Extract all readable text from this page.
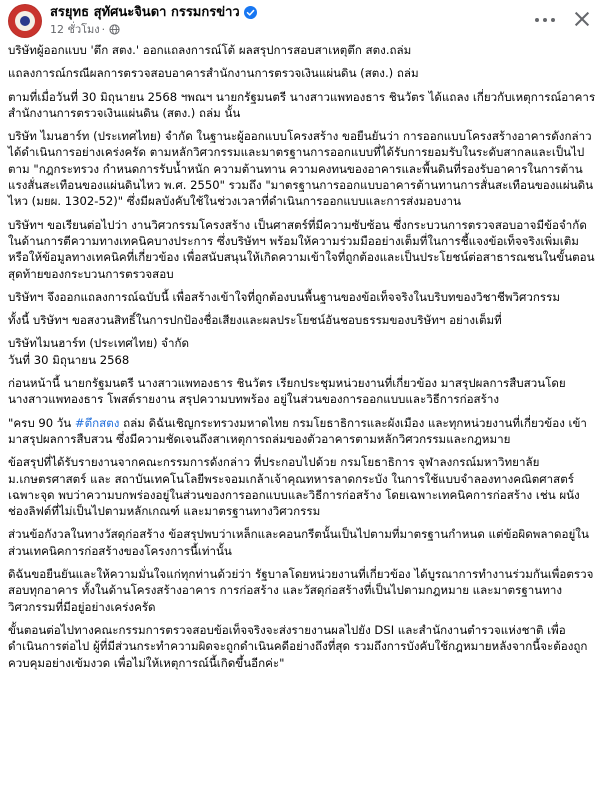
สรยุทธ สุทัศนะจินดา กรรมกรข่าว
12 ชั่วโมง ·

บริษัทผู้ออกแบบ 'ตึก สตง.' ออกแถลงการณ์โต้ ผลสรุปการสอบสาเหตุตึก สตง.ถล่ม

แถลงการณ์กรณีผลการตรวจสอบอาคารสำนักงานการตรวจเงินแผ่นดิน (สตง.) ถล่ม

ตามที่เมื่อวันที่ 30 มิถุนายน 2568 ฯพณฯ นายกรัฐมนตรี นางสาวแพทองธาร ชินวัตร ได้แถลง เกี่ยวกับเหตุการณ์อาคารสำนักงานการตรวจเงินแผ่นดิน (สตง.) ถล่ม นั้น

บริษัท ไมนฮาร์ท (ประเทศไทย) จำกัด ในฐานะผู้ออกแบบโครงสร้าง ขอยืนยันว่า การออกแบบโครงสร้างอาคารดังกล่าว ได้ดำเนินการอย่างเคร่งครัด ตามหลักวิศวกรรมและมาตรฐานการออกแบบที่ได้รับการยอมรับในระดับสากลและเป็นไปตาม "กฎกระทรวง กำหนดการรับน้ำหนัก ความต้านทาน ความคงทนของอาคารและพื้นดินที่รองรับอาคารในการต้านแรงสั่นสะเทือนของแผ่นดินไหว พ.ศ. 2550" รวมถึง "มาตรฐานการออกแบบอาคารต้านทานการสั่นสะเทือนของแผ่นดินไหว (มยผ. 1302-52)" ซึ่งมีผลบังคับใช้ในช่วงเวลาที่ดำเนินการออกแบบและการส่งมอบงาน

บริษัทฯ ขอเรียนต่อไปว่า งานวิศวกรรมโครงสร้าง เป็นศาสตร์ที่มีความซับซ้อน ซึ่งกระบวนการตรวจสอบอาจมีข้อจำกัดในด้านการตีความทางเทคนิคบางประการ ซึ่งบริษัทฯ พร้อมให้ความร่วมมืออย่างเต็มที่ในการชี้แจงข้อเท็จจริงเพิ่มเติมหรือให้ข้อมูลทางเทคนิคที่เกี่ยวข้อง เพื่อสนับสนุนให้เกิดความเข้าใจที่ถูกต้องและเป็นประโยชน์ต่อสาธารณชนในขั้นตอนสุดท้ายของกระบวนการตรวจสอบ

บริษัทฯ จึงออกแถลงการณ์ฉบับนี้ เพื่อสร้างเข้าใจที่ถูกต้องบนพื้นฐานของข้อเท็จจริงในบริบทของวิชาชีพวิศวกรรม

ทั้งนี้ บริษัทฯ ขอสงวนสิทธิ์ในการปกป้องชื่อเสียงและผลประโยชน์อันชอบธรรมของบริษัทฯ อย่างเต็มที่

บริษัทไมนฮาร์ท (ประเทศไทย) จำกัด
วันที่ 30 มิถุนายน 2568

ก่อนหน้านี้ นายกรัฐมนตรี นางสาวแพทองธาร ชินวัตร เรียกประชุมหน่วยงานที่เกี่ยวข้อง มาสรุปผลการสืบสวนโดยนางสาวแพทองธาร โพสต์รายงาน สรุปความบทพร้อง อยู่ในส่วนของการออกแบบและวิธีการก่อสร้าง

"ครบ 90 วัน #ตึกสตง ถล่ม ดิฉันเชิญกระทรวงมหาดไทย กรมโยธาธิการและผังเมือง และทุกหน่วยงานที่เกี่ยวข้อง เข้ามาสรุปผลการสืบสวน ซึ่งมีความชัดเจนถึงสาเหตุการถล่มของตัวอาคารตามหลักวิศวกรรมและกฎหมาย

ข้อสรุปที่ได้รับรายงานจากคณะกรรมการดังกล่าว ที่ประกอบไปด้วย กรมโยธาธิการ จุฬาลงกรณ์มหาวิทยาลัย ม.เกษตรศาสตร์ และ สถาบันเทคโนโลยีพระจอมเกล้าเจ้าคุณทหารลาดกระบัง ในการใช้แบบจำลองทางคณิตศาสตร์เฉพาะจุด พบว่าความบกพร่องอยู่ในส่วนของการออกแบบและวิธีการก่อสร้าง โดยเฉพาะเทคนิคการก่อสร้าง เช่น ผนังช่องลิฟต์ที่ไม่เป็นไปตามหลักเกณฑ์ และมาตรฐานทางวิศวกรรม

ส่วนข้อกังวลในทางวัสดุก่อสร้าง ข้อสรุปพบว่าเหล็กและคอนกรีตนั้นเป็นไปตามที่มาตรฐานกำหนด แต่ข้อผิดพลาดอยู่ในส่วนเทคนิคการก่อสร้างของโครงการนี้เท่านั้น

ดิฉันขอยืนยันและให้ความมั่นใจแก่ทุกท่านด้วย่ว่า รัฐบาลโดยหน่วยงานที่เกี่ยวข้อง ได้บูรณาการทำงานร่วมกันเพื่อตรวจสอบทุกอาคาร ทั้งในด้านโครงสร้างอาคาร การก่อสร้าง และวัสดุก่อสร้างที่เป็นไปตามกฎหมาย และมาตรฐานทางวิศวกรรมที่มีอยู่อย่างเคร่งครัด

ขั้นตอนต่อไปทางคณะกรรมการตรวจสอบข้อเท็จจริงจะส่งรายงานผลไปยัง DSI และสำนักงานตำรวจแห่งชาติ เพื่อดำเนินการต่อไป ผู้ที่มีส่วนกระทำความผิดจะถูกดำเนินคดีอย่างถึงที่สุด รวมถึงการบังคับใช้กฎหมายหลังจากนี้จะต้องถูกควบคุมอย่างเข้มงวด เพื่อไม่ให้เหตุการณ์นี้เกิดขึ้นอีกค่ะ"
